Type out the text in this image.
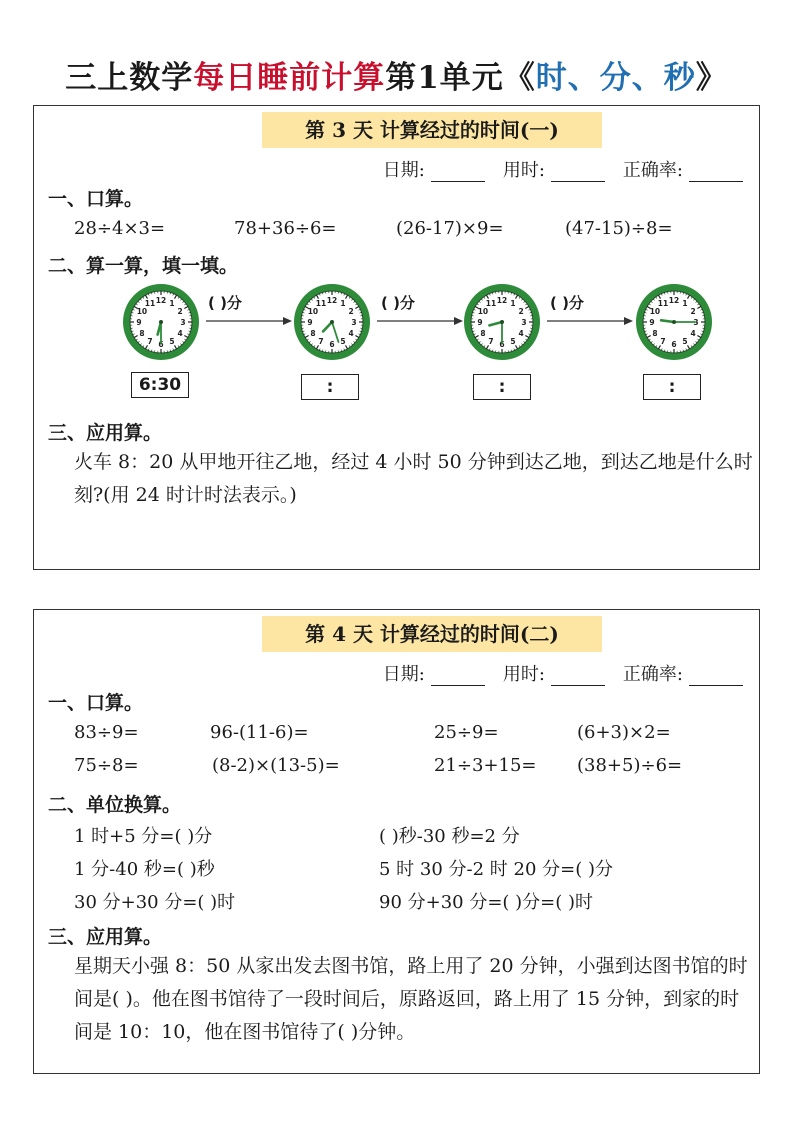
三上数学每日睡前计算第1单元《时、分、秒》
第 3 天 计算经过的时间(一)
日期:	用时:	正确率:
一、口算。
28÷4×3=	78+36÷6=	(26-17)×9=	(47-15)÷8=
二、算一算，填一填。
1
2
3
4
5
6
7
8
9
10
11 12	1
2
3
4
5
6
7
8
9
10
11 12	1
2
3
4
5
6
7
8
9
10
11 12	1
2
3
4
5
6
7
8
9
10
11 12
( )分	( )分	( )分
6:30	:	:	:
三、应用算。
火车 8：20 从甲地开往乙地，经过 4 小时 50 分钟到达乙地，到达乙地是什么时刻?(用 24 时计时法表示。)
第 4 天 计算经过的时间(二)
日期:	用时:	正确率:
一、口算。
83÷9=	96-(11-6)=	25÷9=	(6+3)×2=
75÷8=	(8-2)×(13-5)=	21÷3+15= (38+5)÷6=
二、单位换算。
1 时+5 分=( )分	( )秒-30 秒=2 分
1 分-40 秒=( )秒	5 时 30 分-2 时 20 分=( )分
30 分+30 分=( )时	90 分+30 分=( )分=( )时
三、应用算。
星期天小强 8：50 从家出发去图书馆，路上用了 20 分钟，小强到达图书馆的时间是( )。他在图书馆待了一段时间后，原路返回，路上用了 15 分钟，到家的时间是 10：10，他在图书馆待了( )分钟。
